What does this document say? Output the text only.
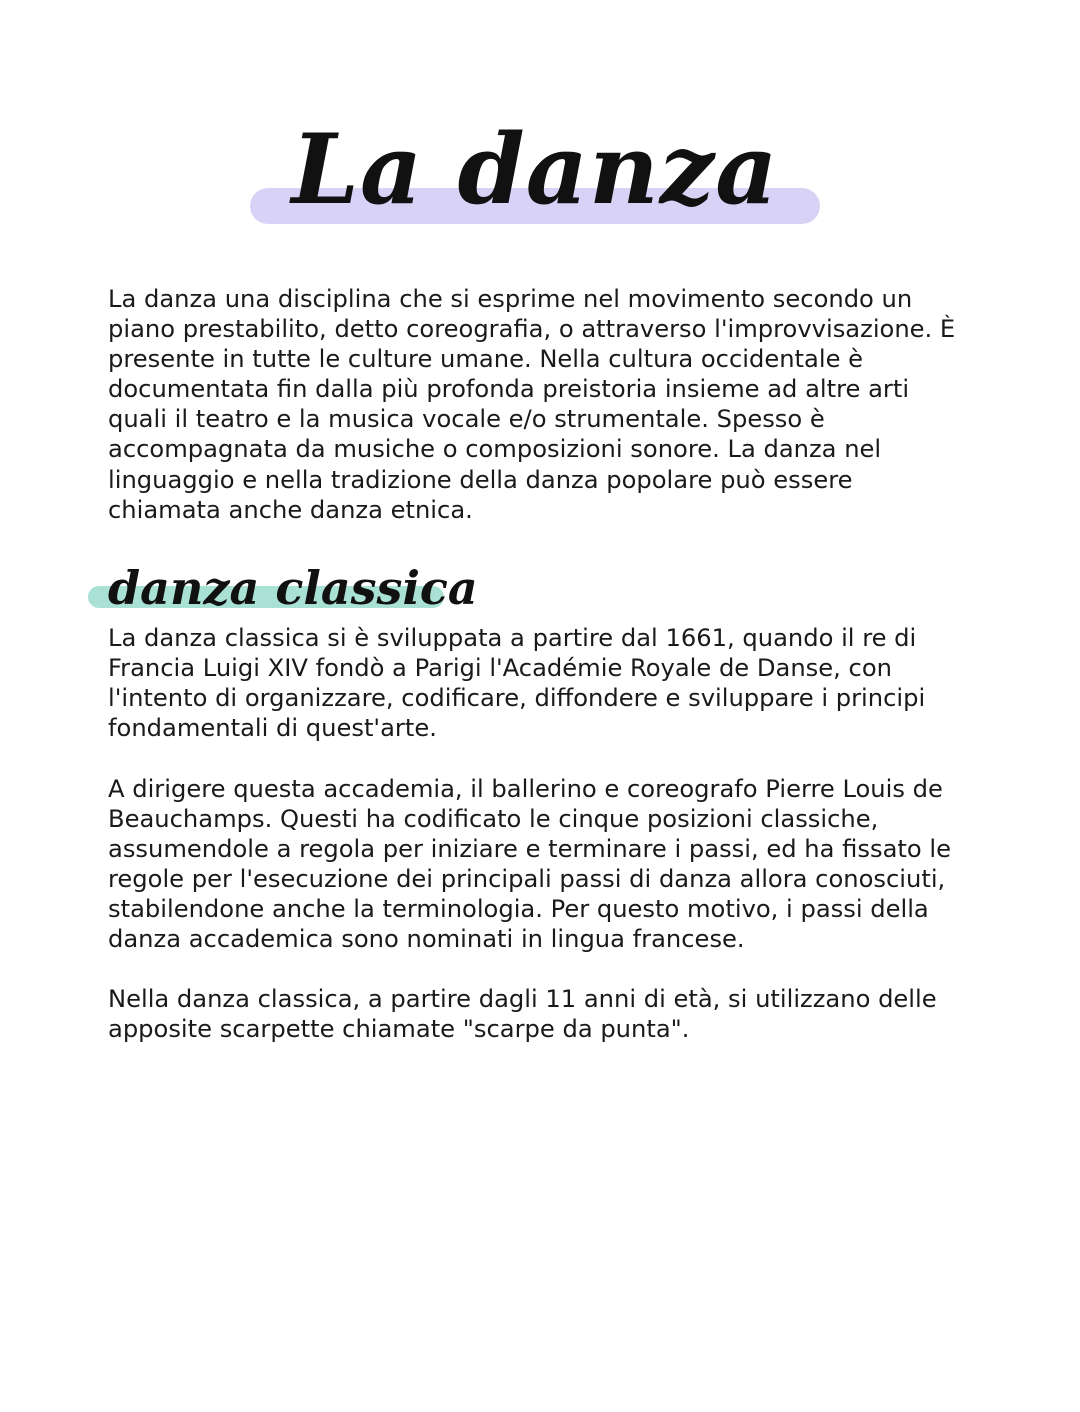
La danza

La danza una disciplina che si esprime nel movimento secondo un
piano prestabilito, detto coreografia, o attraverso l'improvvisazione. È
presente in tutte le culture umane. Nella cultura occidentale è
documentata fin dalla più profonda preistoria insieme ad altre arti
quali il teatro e la musica vocale e/o strumentale. Spesso è
accompagnata da musiche o composizioni sonore. La danza nel
linguaggio e nella tradizione della danza popolare può essere
chiamata anche danza etnica.

danza classica

La danza classica si è sviluppata a partire dal 1661, quando il re di
Francia Luigi XIV fondò a Parigi l'Académie Royale de Danse, con
l'intento di organizzare, codificare, diffondere e sviluppare i principi
fondamentali di quest'arte.

A dirigere questa accademia, il ballerino e coreografo Pierre Louis de
Beauchamps. Questi ha codificato le cinque posizioni classiche,
assumendole a regola per iniziare e terminare i passi, ed ha fissato le
regole per l'esecuzione dei principali passi di danza allora conosciuti,
stabilendone anche la terminologia. Per questo motivo, i passi della
danza accademica sono nominati in lingua francese.

Nella danza classica, a partire dagli 11 anni di età, si utilizzano delle
apposite scarpette chiamate "scarpe da punta".
